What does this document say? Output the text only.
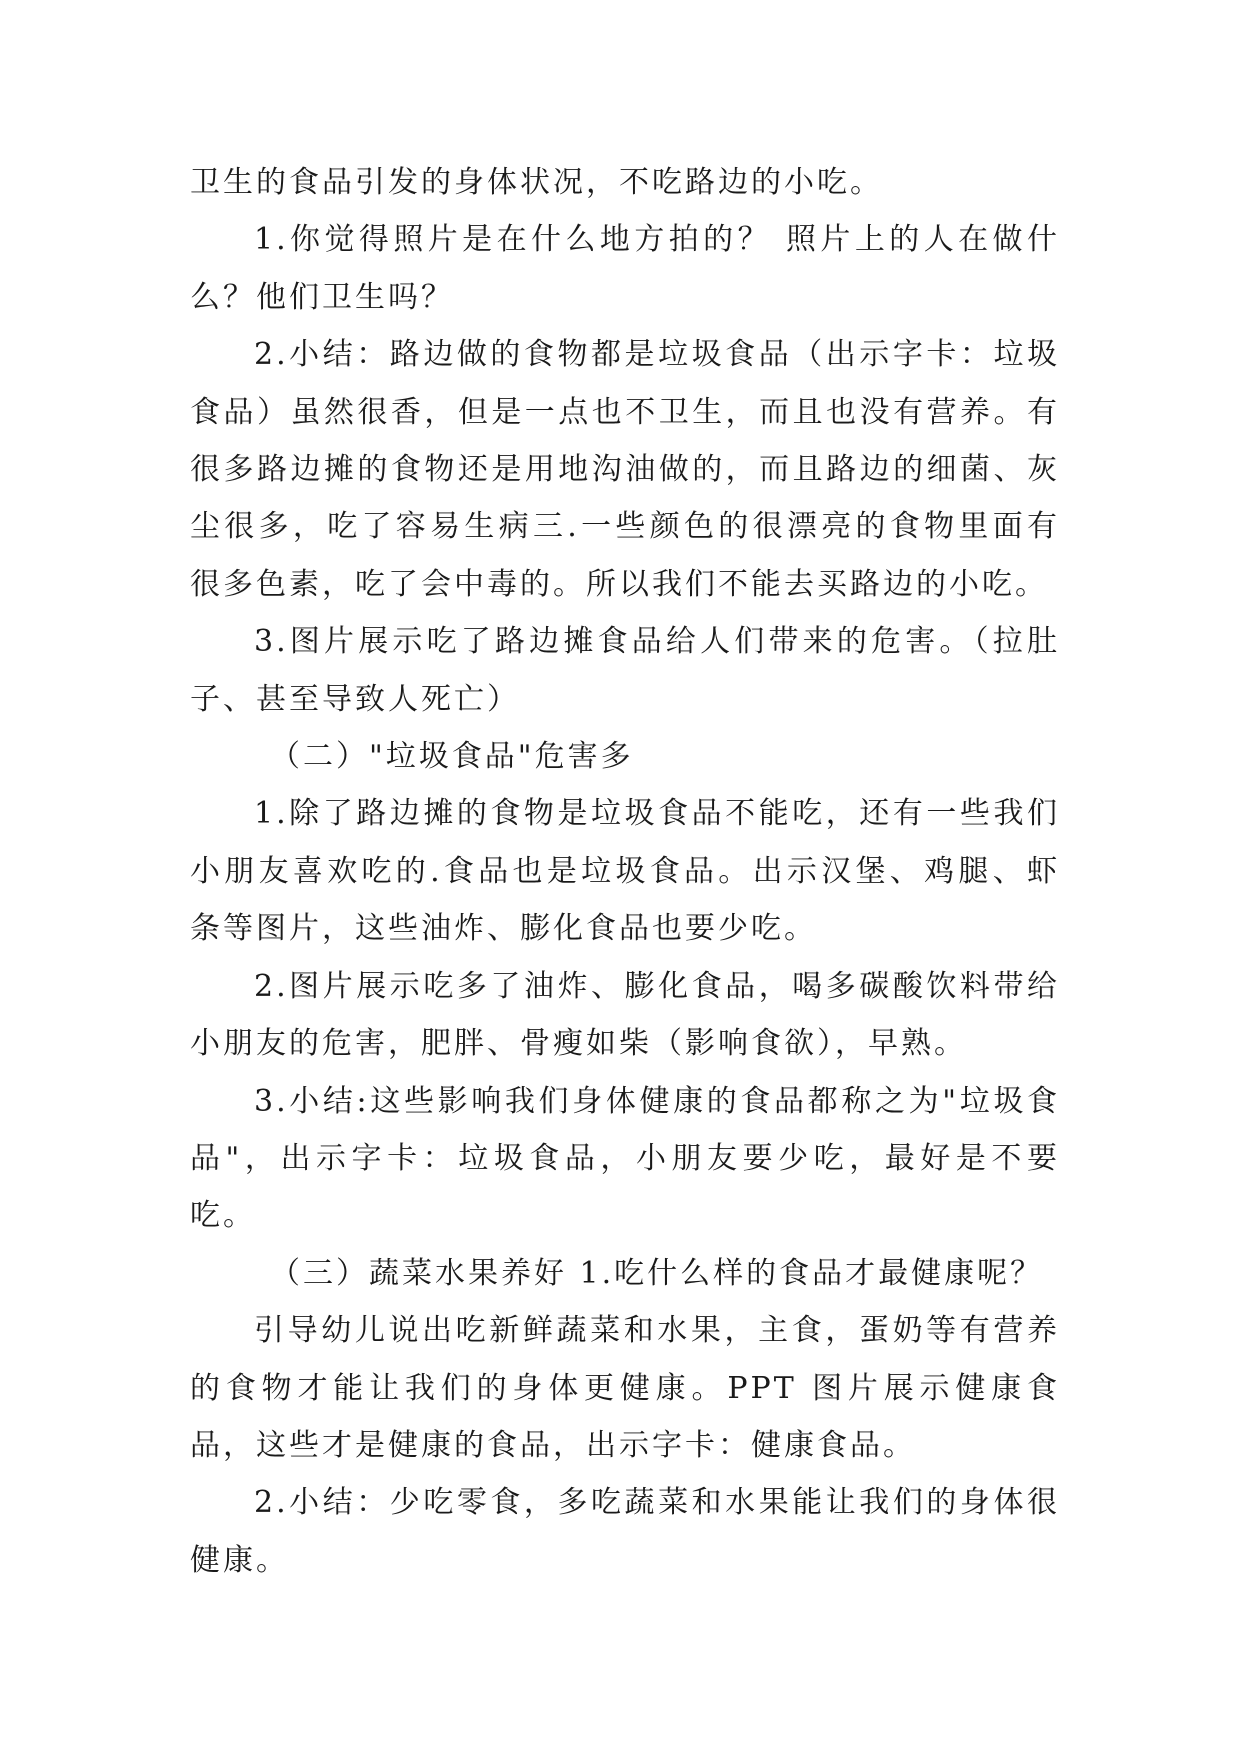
卫生的食品引发的身体状况，不吃路边的小吃。

1.你觉得照片是在什么地方拍的？ 照片上的人在做什么？他们卫生吗？

2.小结：路边做的食物都是垃圾食品（出示字卡：垃圾食品）虽然很香，但是一点也不卫生，而且也没有营养。有很多路边摊的食物还是用地沟油做的，而且路边的细菌、灰尘很多，吃了容易生病三.一些颜色的很漂亮的食物里面有很多色素，吃了会中毒的。所以我们不能去买路边的小吃。

3.图片展示吃了路边摊食品给人们带来的危害。（拉肚子、甚至导致人死亡）

（二）"垃圾食品"危害多

1.除了路边摊的食物是垃圾食品不能吃，还有一些我们小朋友喜欢吃的.食品也是垃圾食品。出示汉堡、鸡腿、虾条等图片，这些油炸、膨化食品也要少吃。

2.图片展示吃多了油炸、膨化食品，喝多碳酸饮料带给小朋友的危害，肥胖、骨瘦如柴（影响食欲），早熟。

3.小结:这些影响我们身体健康的食品都称之为"垃圾食品"，出示字卡：垃圾食品，小朋友要少吃，最好是不要吃。

（三）蔬菜水果养好 1.吃什么样的食品才最健康呢？

引导幼儿说出吃新鲜蔬菜和水果，主食，蛋奶等有营养的食物才能让我们的身体更健康。PPT 图片展示健康食品，这些才是健康的食品，出示字卡：健康食品。

2.小结：少吃零食，多吃蔬菜和水果能让我们的身体很健康。
